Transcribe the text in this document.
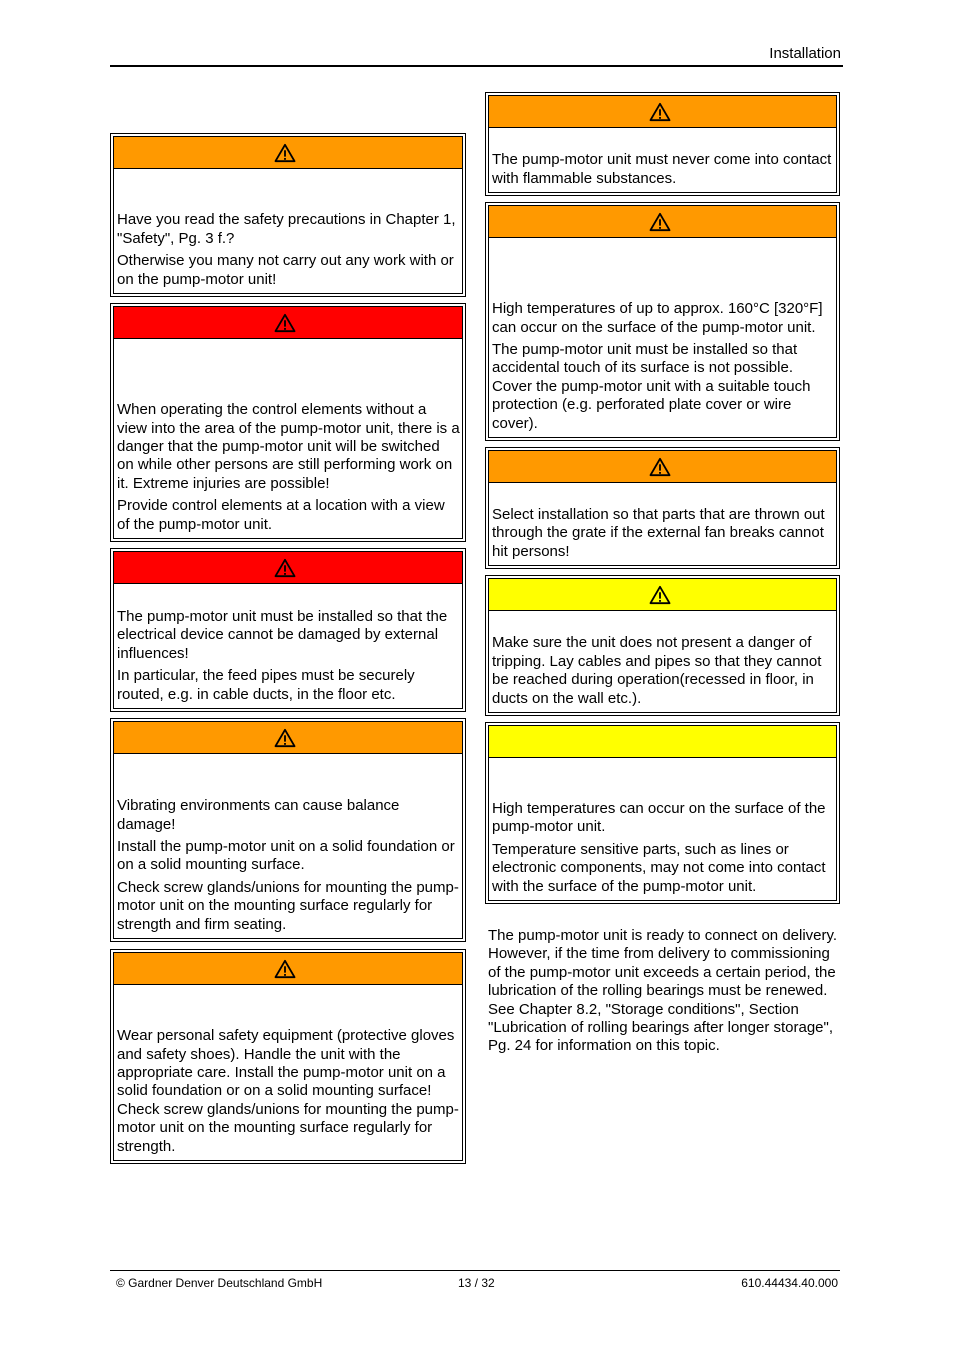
Installation

Have you read the safety precautions in Chapter 1, "Safety", Pg. 3 f.?

Otherwise you many not carry out any work with or on the pump-motor unit!

When operating the control elements without a view into the area of the pump-motor unit, there is a danger that the pump-motor unit will be switched on while other persons are still performing work on it. Extreme injuries are possible!

Provide control elements at a location with a view of the pump-motor unit.

The pump-motor unit must be installed so that the electrical device cannot be damaged by external influences!

In particular, the feed pipes must be securely routed, e.g. in cable ducts, in the floor etc.

Vibrating environments can cause balance damage!

Install the pump-motor unit on a solid foundation or on a solid mounting surface.

Check screw glands/unions for mounting the pump-motor unit on the mounting surface regularly for strength and firm seating.

Wear personal safety equipment (protective gloves and safety shoes). Handle the unit with the appropriate care. Install the pump-motor unit on a solid foundation or on a solid mounting surface! Check screw glands/unions for mounting the pump-motor unit on the mounting surface regularly for strength.

The pump-motor unit must never come into contact with flammable substances.

High temperatures of up to approx. 160°C [320°F] can occur on the surface of the pump-motor unit.

The pump-motor unit must be installed so that accidental touch of its surface is not possible. Cover the pump-motor unit with a suitable touch protection (e.g. perforated plate cover or wire cover).

Select installation so that parts that are thrown out through the grate if the external fan breaks cannot hit persons!

Make sure the unit does not present a danger of tripping. Lay cables and pipes so that they cannot be reached during operation(recessed in floor, in ducts on the wall etc.).

High temperatures can occur on the surface of the pump-motor unit.

Temperature sensitive parts, such as lines or electronic components, may not come into contact with the surface of the pump-motor unit.

The pump-motor unit is ready to connect on delivery. However, if the time from delivery to commissioning of the pump-motor unit exceeds a certain period, the lubrication of the rolling bearings must be renewed.

See Chapter 8.2, "Storage conditions", Section "Lubrication of rolling bearings after longer storage", Pg. 24 for information on this topic.

© Gardner Denver Deutschland GmbH	13 / 32	610.44434.40.000
